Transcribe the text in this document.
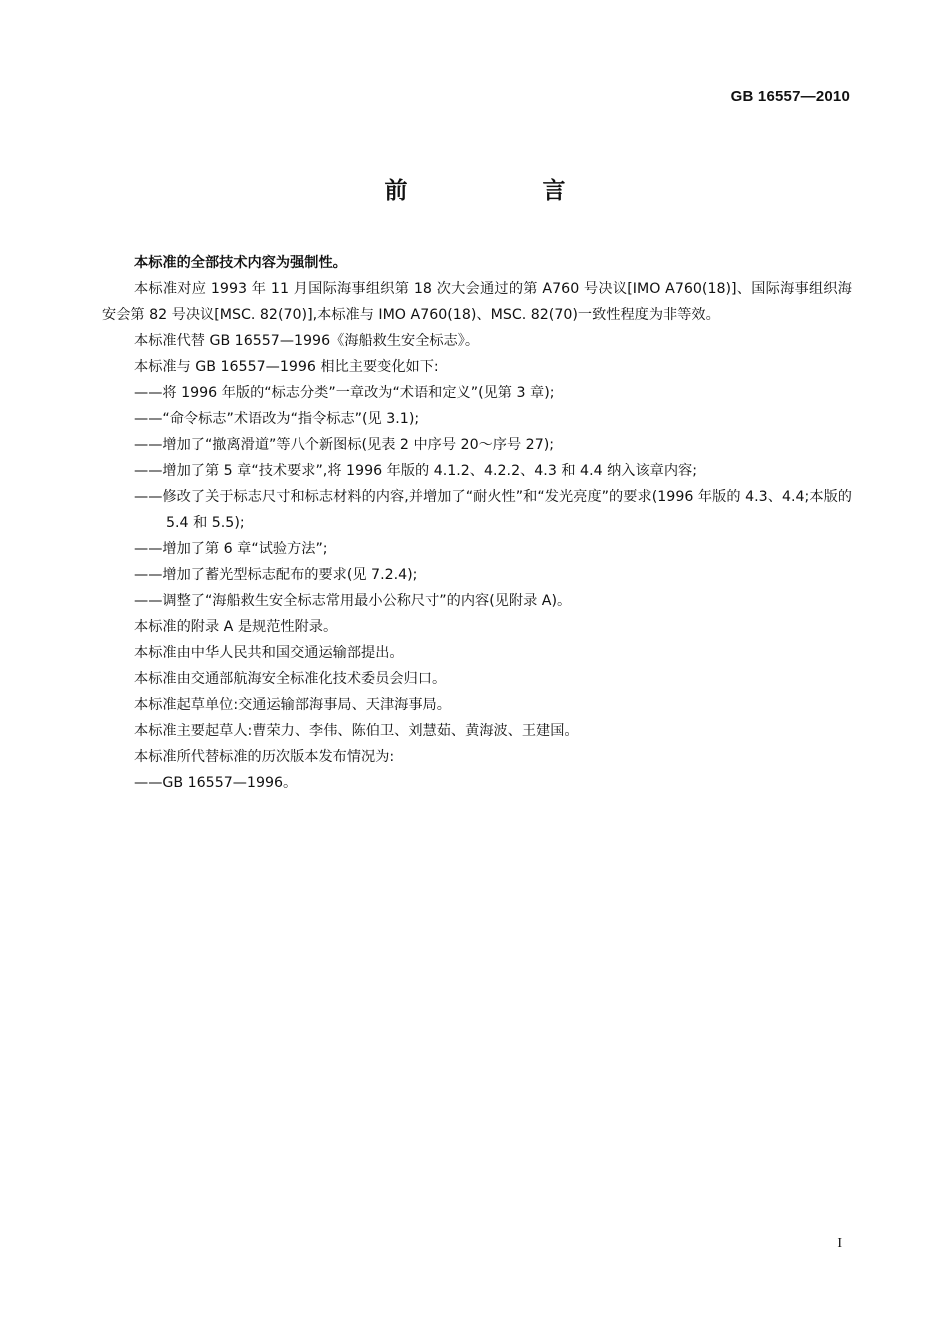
GB 16557—2010
前　言

本标准的全部技术内容为强制性。

本标准对应 1993 年 11 月国际海事组织第 18 次大会通过的第 A760 号决议[IMO A760(18)]、国际海事组织海安会第 82 号决议[MSC. 82(70)],本标准与 IMO A760(18)、MSC. 82(70)一致性程度为非等效。

本标准代替 GB 16557—1996《海船救生安全标志》。

本标准与 GB 16557—1996 相比主要变化如下:

——将 1996 年版的“标志分类”一章改为“术语和定义”(见第 3 章);

——“命令标志”术语改为“指令标志”(见 3.1);

——增加了“撤离滑道”等八个新图标(见表 2 中序号 20～序号 27);

——增加了第 5 章“技术要求”,将 1996 年版的 4.1.2、4.2.2、4.3 和 4.4 纳入该章内容;

——修改了关于标志尺寸和标志材料的内容,并增加了“耐火性”和“发光亮度”的要求(1996 年版的 4.3、4.4;本版的 5.4 和 5.5);

——增加了第 6 章“试验方法”;

——增加了蓄光型标志配布的要求(见 7.2.4);

——调整了“海船救生安全标志常用最小公称尺寸”的内容(见附录 A)。

本标准的附录 A 是规范性附录。

本标准由中华人民共和国交通运输部提出。

本标准由交通部航海安全标准化技术委员会归口。

本标准起草单位:交通运输部海事局、天津海事局。

本标准主要起草人:曹荣力、李伟、陈伯卫、刘慧茹、黄海波、王建国。

本标准所代替标准的历次版本发布情况为:

——GB 16557—1996。

I
